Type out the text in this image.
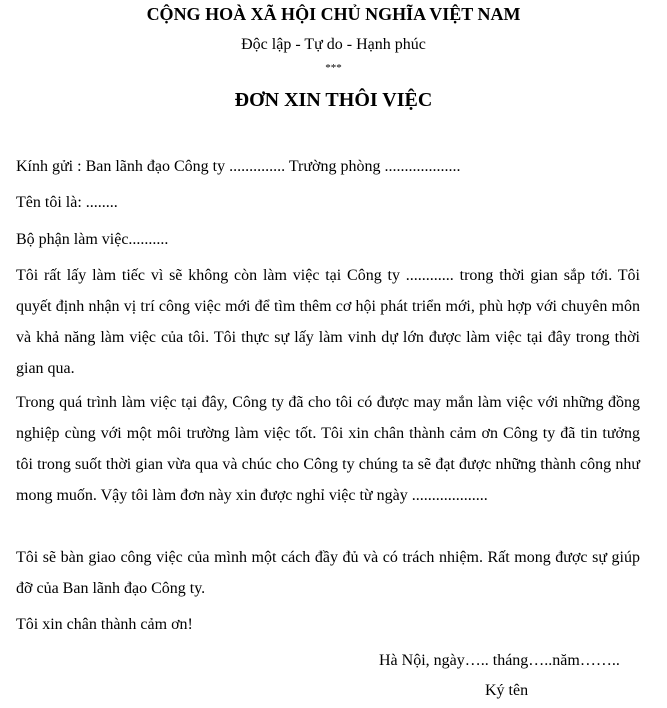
CỘNG HOÀ XÃ HỘI CHỦ NGHĨA VIỆT NAM
Độc lập - Tự do - Hạnh phúc
***
ĐƠN XIN THÔI VIỆC
Kính gửi : Ban lãnh đạo Công ty .............. Trường phòng ...................
Tên tôi là: ........
Bộ phận làm việc..........
Tôi rất lấy làm tiếc vì sẽ không còn làm việc tại Công ty ............ trong thời gian sắp tới. Tôi quyết định nhận vị trí công việc mới để tìm thêm cơ hội phát triển mới, phù hợp với chuyên môn và khả năng làm việc của tôi. Tôi thực sự lấy làm vinh dự lớn được làm việc tại đây trong thời gian qua.
Trong quá trình làm việc tại đây, Công ty đã cho tôi có được may mắn làm việc với những đồng nghiệp cùng với một môi trường làm việc tốt. Tôi xin chân thành cảm ơn Công ty đã tin tưởng tôi trong suốt thời gian vừa qua và chúc cho Công ty chúng ta sẽ đạt được những thành công như mong muốn. Vậy tôi làm đơn này xin được nghỉ việc từ ngày ...................
Tôi sẽ bàn giao công việc của mình một cách đầy đủ và có trách nhiệm. Rất mong được sự giúp đỡ của Ban lãnh đạo Công ty.
Tôi xin chân thành cảm ơn!
Hà Nội, ngày….. tháng…..năm……..
Ký tên
